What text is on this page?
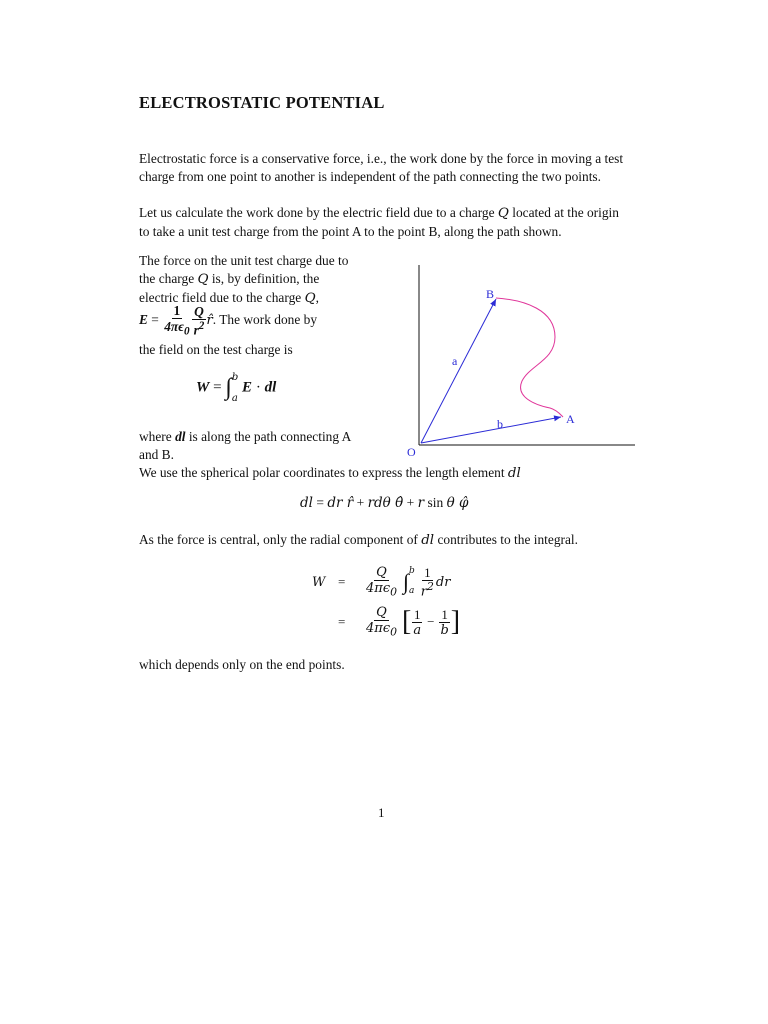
ELECTROSTATIC POTENTIAL

Electrostatic force is a conservative force, i.e., the work done by the force in moving a test charge from one point to another is independent of the path connecting the two points.

Let us calculate the work done by the electric field due to a charge Q located at the origin to take a unit test charge from the point A to the point B, along the path shown.

The force on the unit test charge due to the charge Q is, by definition, the electric field due to the charge Q,

$E = \frac{1}{4\pi\epsilon_0} \frac{Q}{r^2}$ r̂. The work done by

the field on the test charge is

W = ∫ b
a
E · dl

where dl is along the path connecting A and B.

We use the spherical polar coordinates to express the length element dl

dl = dr r̂ + rdθ θ̂ + r sin θ φ̂

As the force is central, only the radial component of dl contributes to the integral.

W =	$\frac{Q}{4\pi\epsilon_0}$ ∫ b
a $\frac{1}{r^2}$ dr
=	$\frac{Q}{4\pi\epsilon_0}$ [ $\frac{1}{a} - \frac{1}{b}$ ]

which depends only on the end points.

B
A
O
a
b
1
